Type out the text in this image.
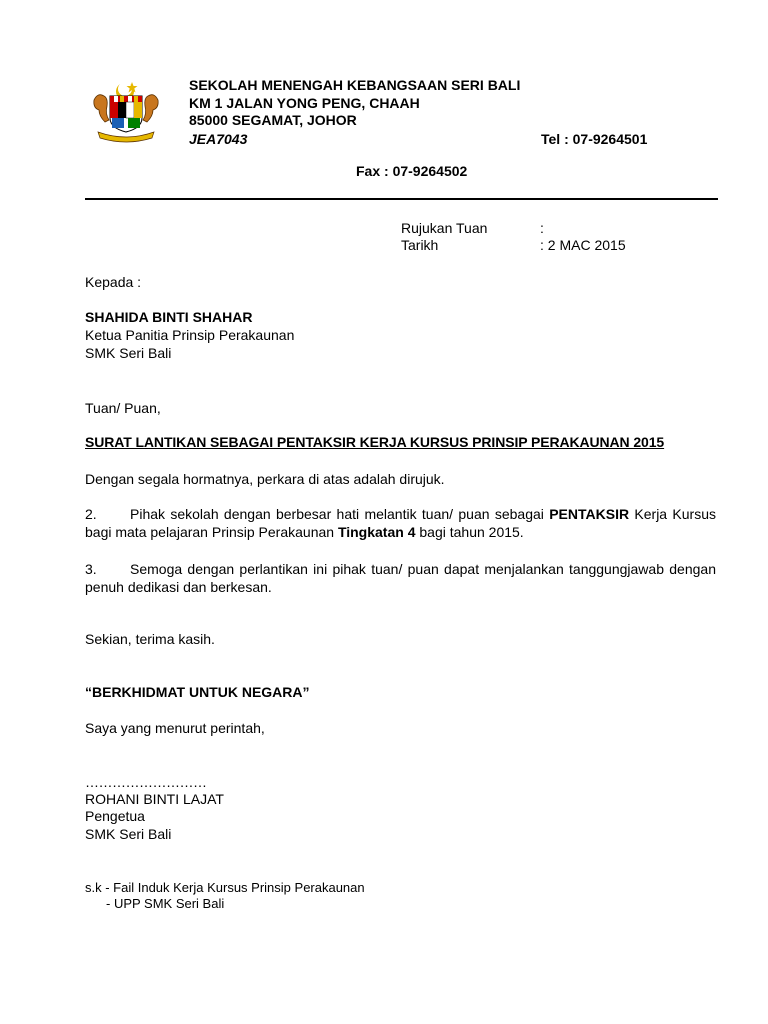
SEKOLAH MENENGAH KEBANGSAAN SERI BALI
KM 1 JALAN YONG PENG, CHAAH
85000 SEGAMAT, JOHOR
JEA7043	Tel : 07-9264501
Fax : 07-9264502
Rujukan Tuan	:
Tarikh	: 2 MAC 2015
Kepada :
SHAHIDA BINTI SHAHAR
Ketua Panitia Prinsip Perakaunan
SMK Seri Bali
Tuan/ Puan,
SURAT LANTIKAN SEBAGAI PENTAKSIR KERJA KURSUS PRINSIP PERAKAUNAN 2015
Dengan segala hormatnya, perkara di atas adalah dirujuk.
2. Pihak sekolah dengan berbesar hati melantik tuan/ puan sebagai PENTAKSIR Kerja Kursus bagi mata pelajaran Prinsip Perakaunan Tingkatan 4 bagi tahun 2015.
3. Semoga dengan perlantikan ini pihak tuan/ puan dapat menjalankan tanggungjawab dengan penuh dedikasi dan berkesan.
Sekian, terima kasih.
“BERKHIDMAT UNTUK NEGARA”
Saya yang menurut perintah,
………………………
ROHANI BINTI LAJAT
Pengetua
SMK Seri Bali
s.k - Fail Induk Kerja Kursus Prinsip Perakaunan
- UPP SMK Seri Bali
